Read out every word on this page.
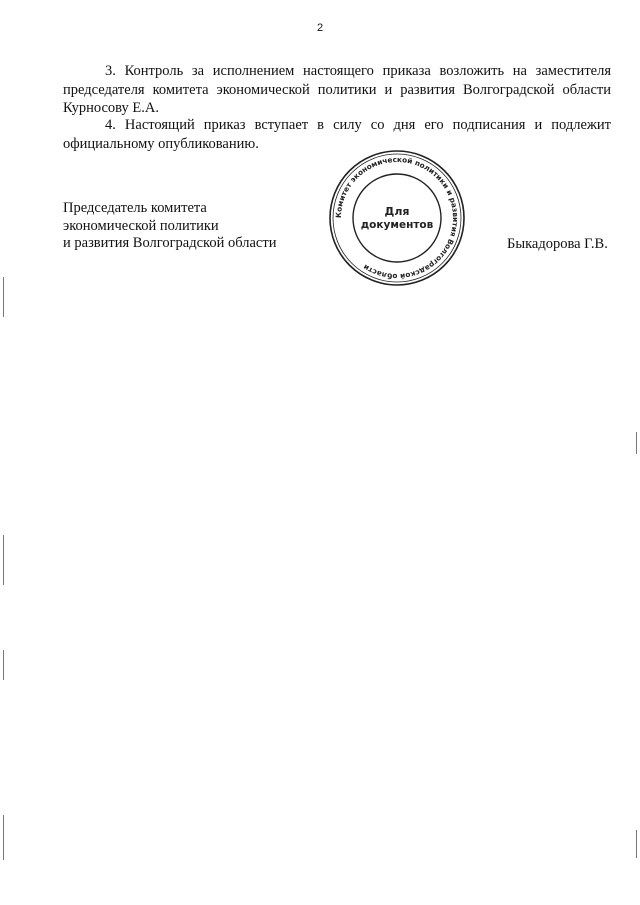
2

3. Контроль за исполнением настоящего приказа возложить на заместителя
председателя комитета экономической политики и развития Волгоградской области Курносову Е.А.

4. Настоящий приказ вступает в силу со дня его подписания и подлежит
официальному опубликованию.

Председатель комитета
экономической политики
и развития Волгоградской области
Комитет экономической политики и развития Волгоградской области
Для
документов
Быкадорова Г.В.
